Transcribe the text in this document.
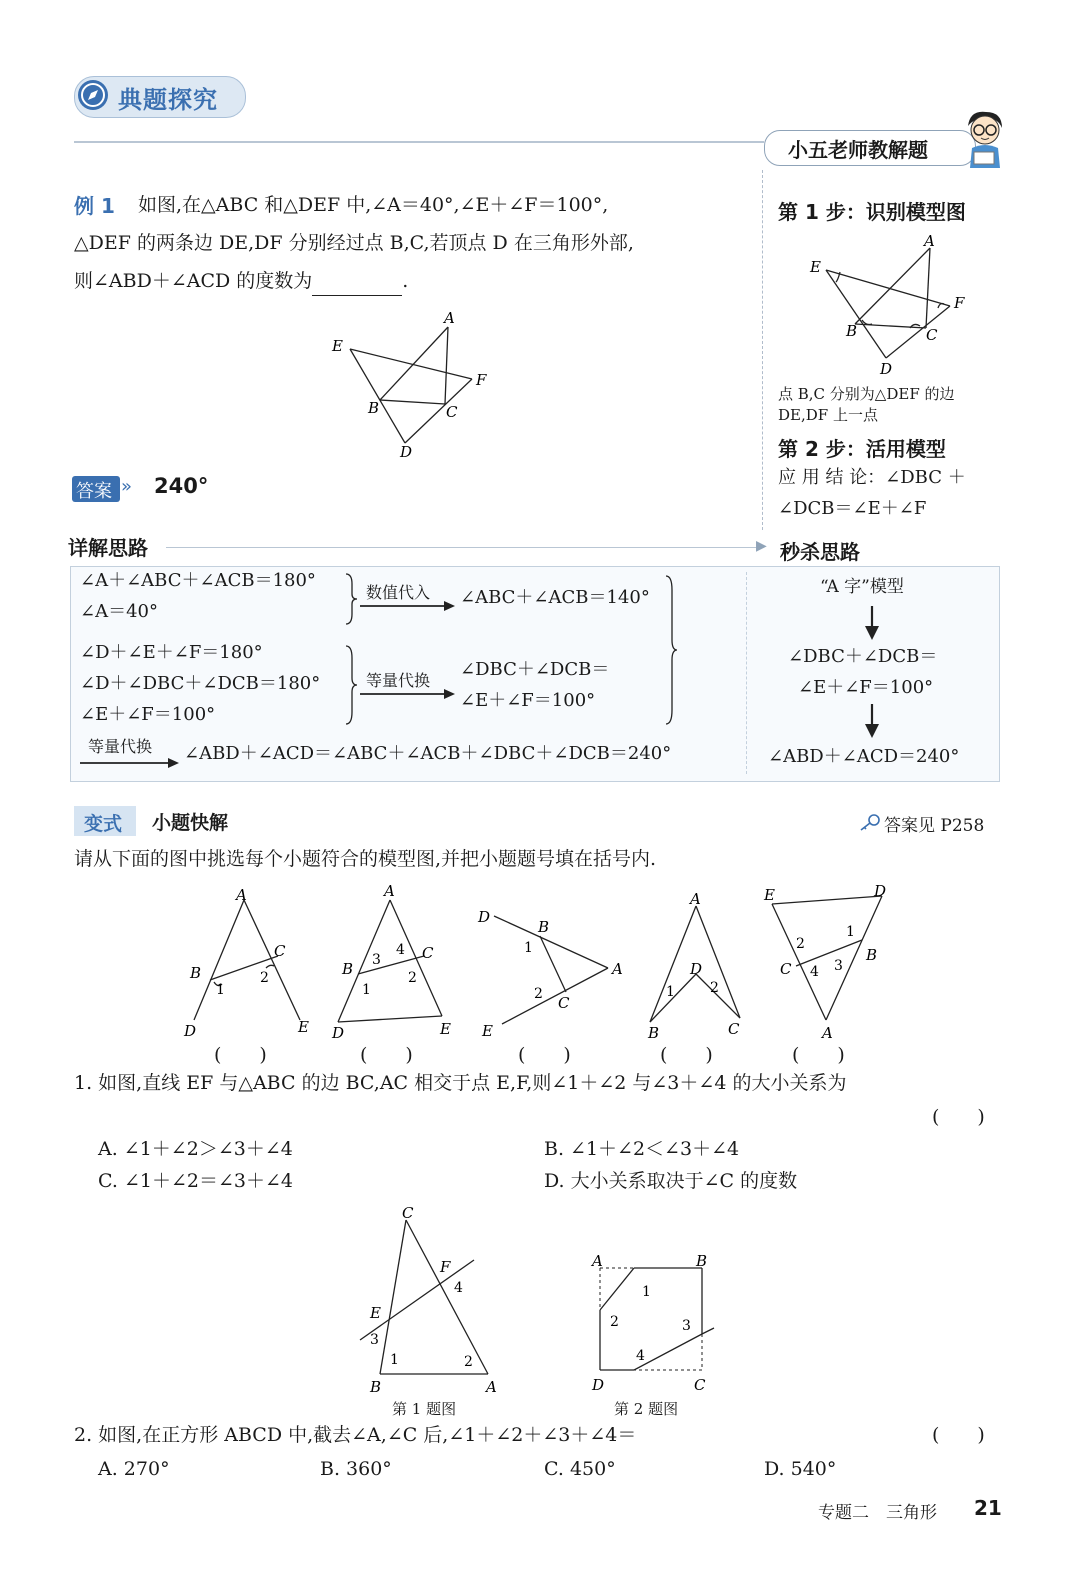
典题探究
小五老师教解题
例 1 如图,在△ABC 和△DEF 中,∠A＝40°,∠E＋∠F＝100°,
△DEF 的两条边 DE,DF 分别经过点 B,C,若顶点 D 在三角形外部,
则∠ABD＋∠ACD 的度数为	.
E
A
F
B	C
D
答案 » 240°
第 1 步：识别模型图
E
A
F
B	C
D
点 B,C 分别为△DEF 的边
DE,DF 上一点
第 2 步：活用模型
应 用 结 论：∠DBC ＋
∠DCB＝∠E＋∠F
详解思路	▶ 秒杀思路
∠A＋∠ABC＋∠ACB＝180°
∠A＝40°
数值代入 ∠ABC＋∠ACB＝140°
∠D＋∠E＋∠F＝180°
∠D＋∠DBC＋∠DCB＝180°
∠E＋∠F＝100°
等量代换
∠DBC＋∠DCB＝
∠E＋∠F＝100°
等量代换 ∠ABD＋∠ACD＝∠ABC＋∠ACB＋∠DBC＋∠DCB＝240°
“A 字”模型
∠DBC＋∠DCB＝
∠E＋∠F＝100°
∠ABD＋∠ACD＝240°
变式 小题快解	答案见 P258
请从下面的图中挑选每个小题符合的模型图,并把小题题号填在括号内.
A
B
C
D	E
1
2
A
B
C
D	E
3
4
1
2
D
B
A
C
E
1
2
A
D
B	C
1	2
E	D
C
B
A
2
1
4 3
(　　)	(　　)	(　　)	(　　)	(　　)
1. 如图,直线 EF 与△ABC 的边 BC,AC 相交于点 E,F,则∠1＋∠2 与∠3＋∠4 的大小关系为
(　　)
A. ∠1＋∠2＞∠3＋∠4	B. ∠1＋∠2＜∠3＋∠4
C. ∠1＋∠2＝∠3＋∠4	D. 大小关系取决于∠C 的度数
C
F
E
B	A
4
3
1	2
第 1 题图
A	B
D	C
1
2	3
4
第 2 题图
2. 如图,在正方形 ABCD 中,截去∠A,∠C 后,∠1＋∠2＋∠3＋∠4＝	(　　)
A. 270°	B. 360°	C. 450°	D. 540°
专题二　三角形 21
